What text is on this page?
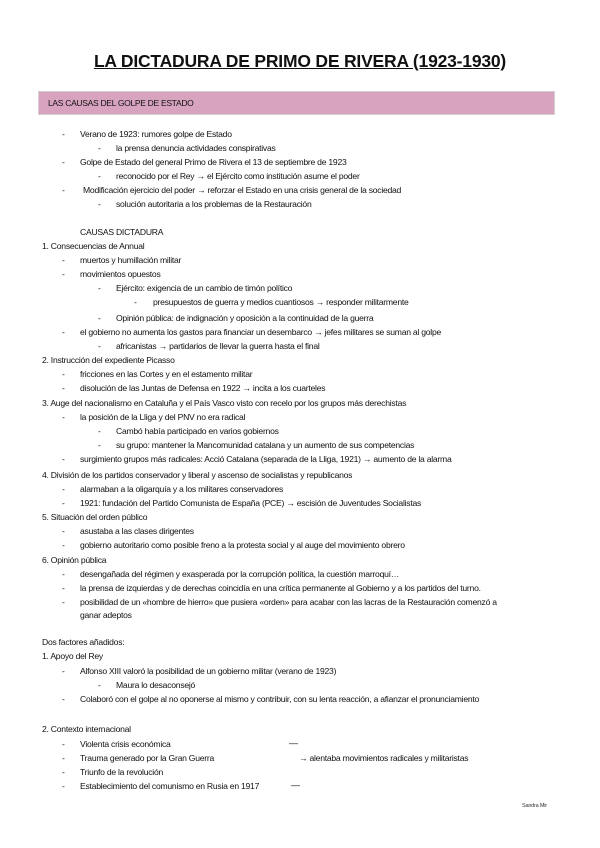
LA DICTADURA DE PRIMO DE RIVERA (1923-1930)
LAS CAUSAS DEL GOLPE DE ESTADO
- Verano de 1923: rumores golpe de Estado
- la prensa denuncia actividades conspirativas
- Golpe de Estado del general Primo de Rivera el 13 de septiembre de 1923
- reconocido por el Rey → el Ejército como institución asume el poder
- Modificación ejercicio del poder → reforzar el Estado en una crisis general de la sociedad
- solución autoritaria a los problemas de la Restauración
CAUSAS DICTADURA
1. Consecuencias de Annual
- muertos y humillación militar
- movimientos opuestos
- Ejército: exigencia de un cambio de timón político
- presupuestos de guerra y medios cuantiosos → responder militarmente
- Opinión pública: de indignación y oposición a la continuidad de la guerra
- el gobierno no aumenta los gastos para financiar un desembarco → jefes militares se suman al golpe
- africanistas → partidarios de llevar la guerra hasta el final
2. Instrucción del expediente Picasso
- fricciones en las Cortes y en el estamento militar
- disolución de las Juntas de Defensa en 1922 → incita a los cuarteles
3. Auge del nacionalismo en Cataluña y el País Vasco visto con recelo por los grupos más derechistas
- la posición de la Lliga y del PNV no era radical
- Cambó había participado en varios gobiernos
- su grupo: mantener la Mancomunidad catalana y un aumento de sus competencias
- surgimiento grupos más radicales: Acció Catalana (separada de la Lliga, 1921) → aumento de la alarma
4. División de los partidos conservador y liberal y ascenso de socialistas y republicanos
- alarmaban a la oligarquía y a los militares conservadores
- 1921: fundación del Partido Comunista de España (PCE) → escisión de Juventudes Socialistas
5. Situación del orden público
- asustaba a las clases dirigentes
- gobierno autoritario como posible freno a la protesta social y al auge del movimiento obrero
6. Opinión pública
- desengañada del régimen y exasperada por la corrupción política, la cuestión marroquí…
- la prensa de izquierdas y de derechas coincidía en una crítica permanente al Gobierno y a los partidos del turno.
- posibilidad de un «hombre de hierro» que pusiera «orden» para acabar con las lacras de la Restauración comenzó a
ganar adeptos
Dos factores añadidos:
1. Apoyo del Rey
- Alfonso XIII valoró la posibilidad de un gobierno militar (verano de 1923)
- Maura lo desaconsejó
- Colaboró con el golpe al no oponerse al mismo y contribuir, con su lenta reacción, a afianzar el pronunciamiento
2. Contexto internacional
- Violenta crisis económica	—
- Trauma generado por la Gran Guerra	→ alentaba movimientos radicales y militaristas
- Triunfo de la revolución
- Establecimiento del comunismo en Rusia en 1917	—
Sandra Mir
